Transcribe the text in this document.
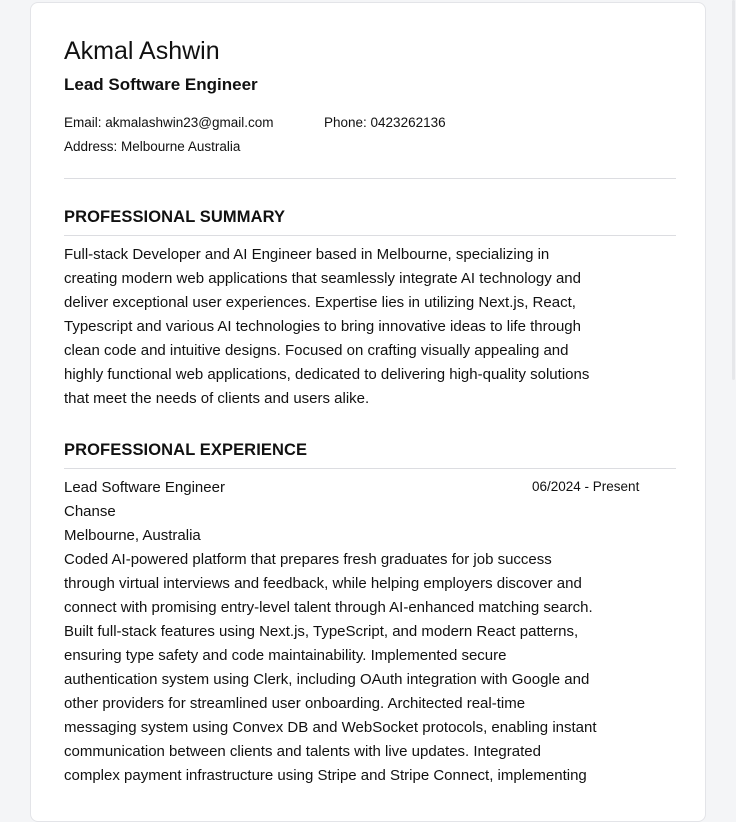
Akmal Ashwin
Lead Software Engineer
Email: akmalashwin23@gmail.com	Phone: 0423262136
Address: Melbourne Australia
PROFESSIONAL SUMMARY
Full-stack Developer and AI Engineer based in Melbourne, specializing in
creating modern web applications that seamlessly integrate AI technology and
deliver exceptional user experiences. Expertise lies in utilizing Next.js, React,
Typescript and various AI technologies to bring innovative ideas to life through
clean code and intuitive designs. Focused on crafting visually appealing and
highly functional web applications, dedicated to delivering high-quality solutions
that meet the needs of clients and users alike.
PROFESSIONAL EXPERIENCE
Lead Software Engineer	06/2024 - Present
Chanse
Melbourne, Australia
Coded AI-powered platform that prepares fresh graduates for job success
through virtual interviews and feedback, while helping employers discover and
connect with promising entry-level talent through AI-enhanced matching search.
Built full-stack features using Next.js, TypeScript, and modern React patterns,
ensuring type safety and code maintainability. Implemented secure
authentication system using Clerk, including OAuth integration with Google and
other providers for streamlined user onboarding. Architected real-time
messaging system using Convex DB and WebSocket protocols, enabling instant
communication between clients and talents with live updates. Integrated
complex payment infrastructure using Stripe and Stripe Connect, implementing
